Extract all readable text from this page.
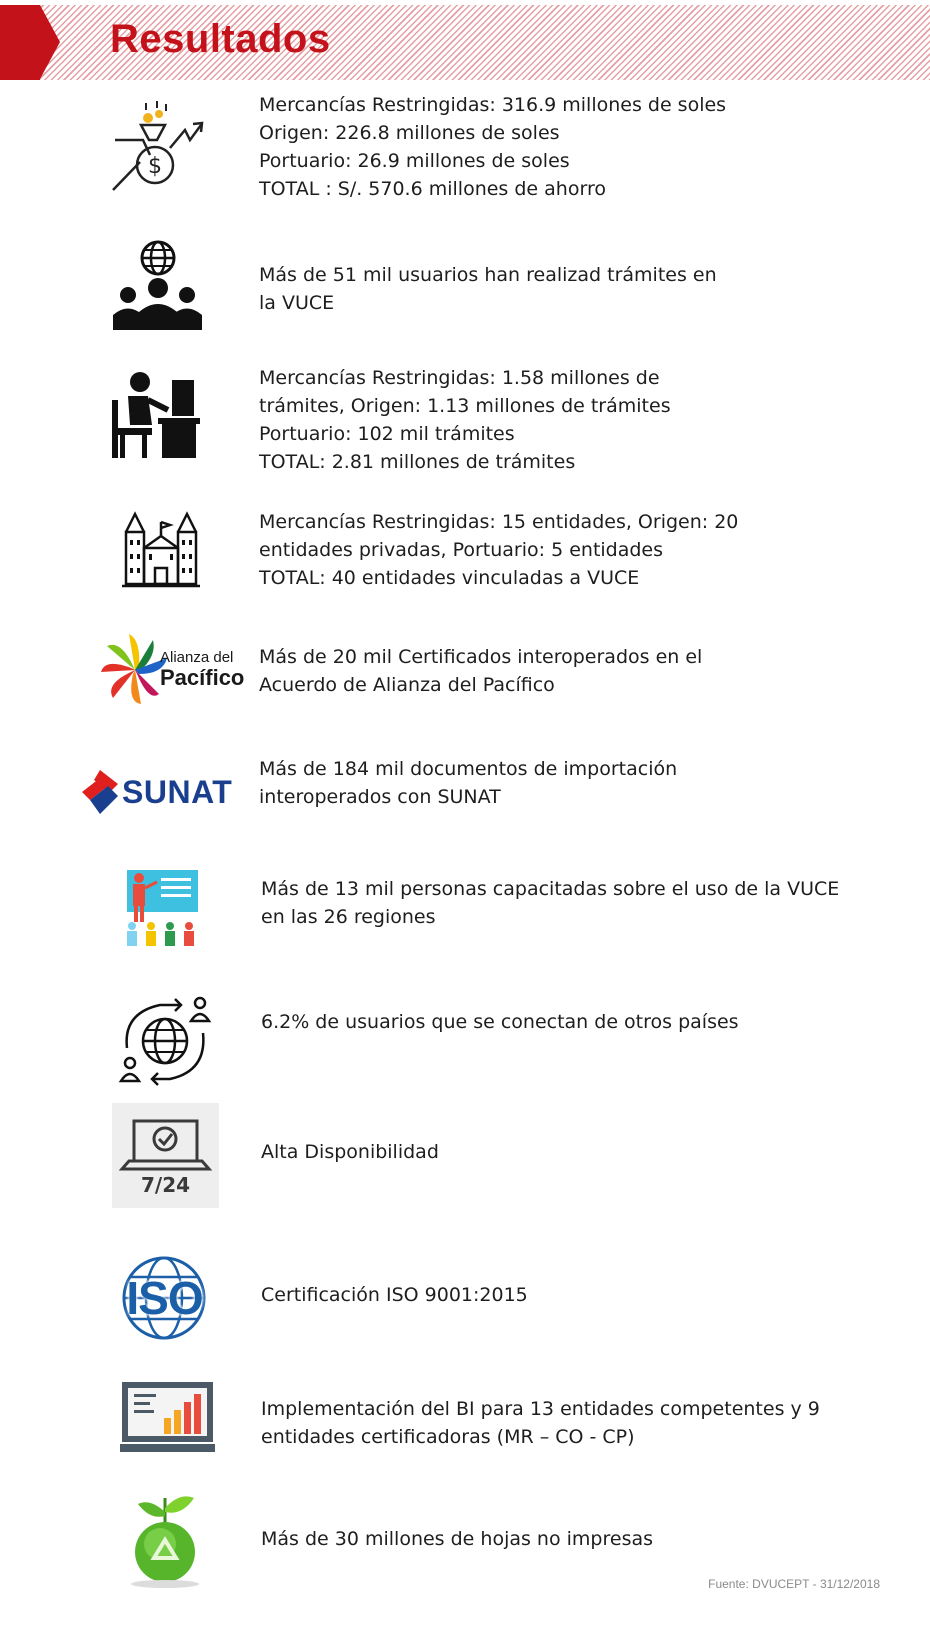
Resultados
$
Mercancías Restringidas: 316.9 millones de soles
Origen: 226.8 millones de soles
Portuario: 26.9 millones de soles
TOTAL : S/. 570.6 millones de ahorro
Más de 51 mil usuarios han realizad trámites en
la VUCE
Mercancías Restringidas: 1.58 millones de
trámites, Origen: 1.13 millones de trámites
Portuario: 102 mil trámites
TOTAL: 2.81 millones de trámites
Mercancías Restringidas: 15 entidades, Origen: 20
entidades privadas, Portuario: 5 entidades
TOTAL: 40 entidades vinculadas a VUCE
Alianza del
Pacífico
Más de 20 mil Certificados interoperados en el
Acuerdo de Alianza del Pacífico
SUNAT
Más de 184 mil documentos de importación
interoperados con SUNAT
Más de 13 mil personas capacitadas sobre el uso de la VUCE
en las 26 regiones
6.2% de usuarios que se conectan de otros países
7/24
Alta Disponibilidad
ISO	Certificación ISO 9001:2015
Implementación del BI para 13 entidades competentes y 9
entidades certificadoras (MR – CO - CP)
Más de 30 millones de hojas no impresas
Fuente: DVUCEPT - 31/12/2018
